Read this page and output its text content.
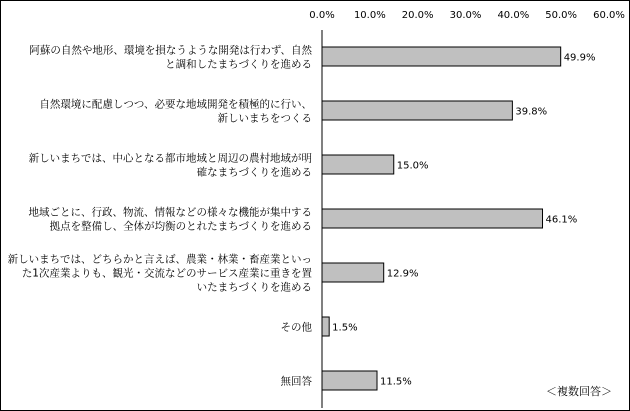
0.0% 10.0% 20.0% 30.0% 40.0% 50.0% 60.0%
49.9%
39.8%
15.0%
46.1%
12.9%
1.5%
11.5%
阿蘇の自然や地形、環境を損なうような開発は行わず、自然と調和したまちづくりを進める
自然環境に配慮しつつ、必要な地域開発を積極的に行い、新しいまちをつくる
新しいまちでは、中心となる都市地域と周辺の農村地域が明確なまちづくりを進める
地域ごとに、行政、物流、情報などの様々な機能が集中する拠点を整備し、全体が均衡のとれたまちづくりを進める
新しいまちでは、どちらかと言えば、農業・林業・畜産業といった1次産業よりも、観光・交流などのサービス産業に重きを置いたまちづくりを進める
その他
無回答
＜複数回答＞
